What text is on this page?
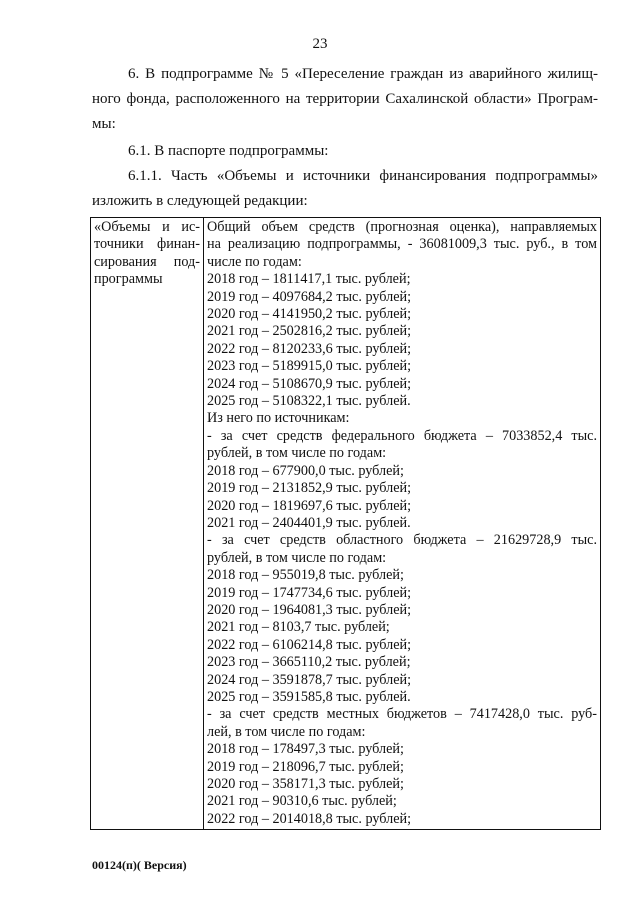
23
6. В подпрограмме № 5 «Переселение граждан из аварийного жилищ-
ного фонда, расположенного на территории Сахалинской области» Програм-
мы:
6.1. В паспорте подпрограммы:
6.1.1. Часть «Объемы и источники финансирования подпрограммы»
изложить в следующей редакции:
«Объемы и ис-
точники финан-
сирования под-
программы

Общий объем средств (прогнозная оценка), направляемых
на реализацию подпрограммы, - 36081009,3 тыс. руб., в том
числе по годам:
2018 год – 1811417,1 тыс. рублей;
2019 год – 4097684,2 тыс. рублей;
2020 год – 4141950,2 тыс. рублей;
2021 год – 2502816,2 тыс. рублей;
2022 год – 8120233,6 тыс. рублей;
2023 год – 5189915,0 тыс. рублей;
2024 год – 5108670,9 тыс. рублей;
2025 год – 5108322,1 тыс. рублей.
Из него по источникам:
- за счет средств федерального бюджета – 7033852,4 тыс.
рублей, в том числе по годам:
2018 год – 677900,0 тыс. рублей;
2019 год – 2131852,9 тыс. рублей;
2020 год – 1819697,6 тыс. рублей;
2021 год – 2404401,9 тыс. рублей.
- за счет средств областного бюджета – 21629728,9 тыс.
рублей, в том числе по годам:
2018 год – 955019,8 тыс. рублей;
2019 год – 1747734,6 тыс. рублей;
2020 год – 1964081,3 тыс. рублей;
2021 год – 8103,7 тыс. рублей;
2022 год – 6106214,8 тыс. рублей;
2023 год – 3665110,2 тыс. рублей;
2024 год – 3591878,7 тыс. рублей;
2025 год – 3591585,8 тыс. рублей.
- за счет средств местных бюджетов – 7417428,0 тыс. руб-
лей, в том числе по годам:
2018 год – 178497,3 тыс. рублей;
2019 год – 218096,7 тыс. рублей;
2020 год – 358171,3 тыс. рублей;
2021 год – 90310,6 тыс. рублей;
2022 год – 2014018,8 тыс. рублей;
00124(п)( Версия)
